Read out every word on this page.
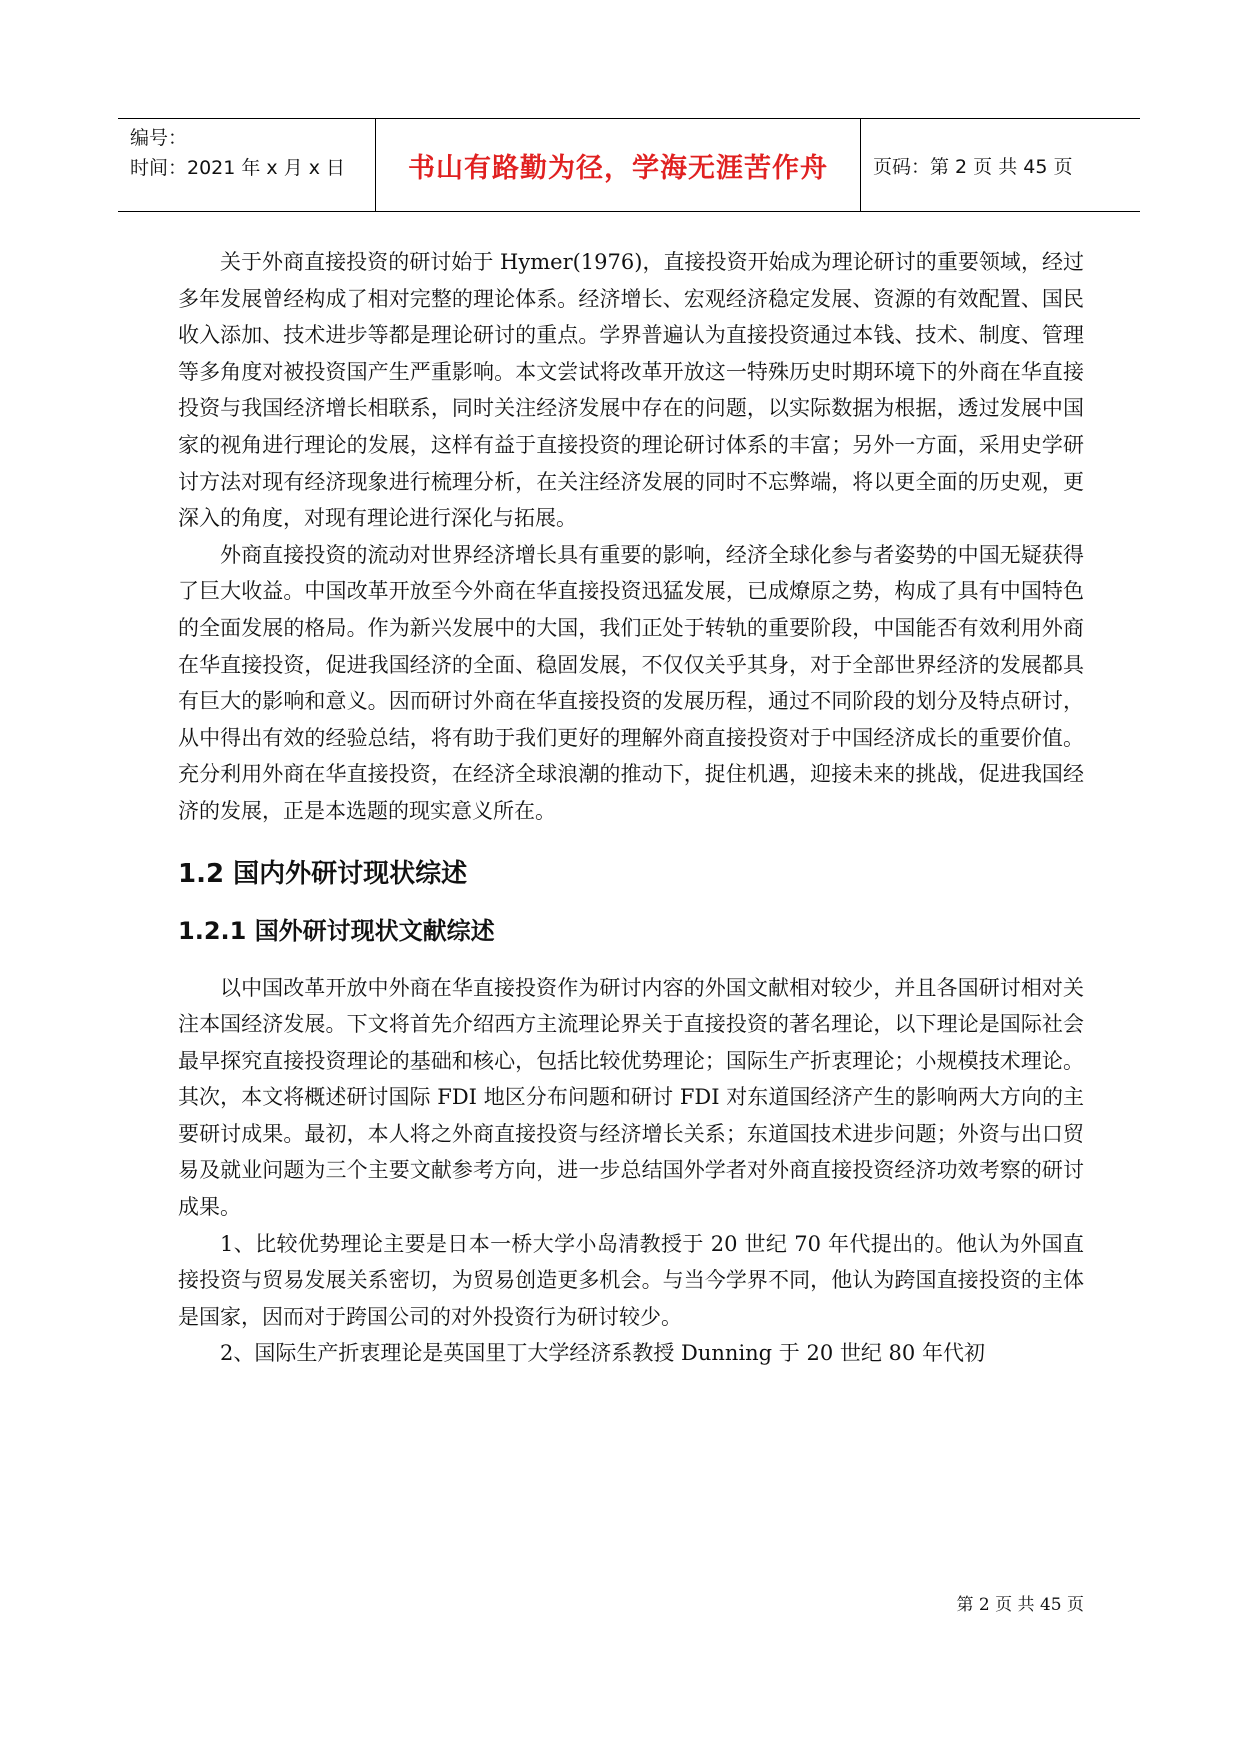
编号：
时间：2021 年 x 月 x 日	书山有路勤为径，学海无涯苦作舟 页码：第 2 页 共 45 页

关于外商直接投资的研讨始于 Hymer(1976)，直接投资开始成为理论研讨的重要领域，经过多年发展曾经构成了相对完整的理论体系。经济增长、宏观经济稳定发展、资源的有效配置、国民收入添加、技术进步等都是理论研讨的重点。学界普遍认为直接投资通过本钱、技术、制度、管理等多角度对被投资国产生严重影响。本文尝试将改革开放这一特殊历史时期环境下的外商在华直接投资与我国经济增长相联系，同时关注经济发展中存在的问题，以实际数据为根据，透过发展中国家的视角进行理论的发展，这样有益于直接投资的理论研讨体系的丰富；另外一方面，采用史学研讨方法对现有经济现象进行梳理分析，在关注经济发展的同时不忘弊端，将以更全面的历史观，更深入的角度，对现有理论进行深化与拓展。

外商直接投资的流动对世界经济增长具有重要的影响，经济全球化参与者姿势的中国无疑获得了巨大收益。中国改革开放至今外商在华直接投资迅猛发展，已成燎原之势，构成了具有中国特色的全面发展的格局。作为新兴发展中的大国，我们正处于转轨的重要阶段，中国能否有效利用外商在华直接投资，促进我国经济的全面、稳固发展，不仅仅关乎其身，对于全部世界经济的发展都具有巨大的影响和意义。因而研讨外商在华直接投资的发展历程，通过不同阶段的划分及特点研讨，从中得出有效的经验总结，将有助于我们更好的理解外商直接投资对于中国经济成长的重要价值。充分利用外商在华直接投资，在经济全球浪潮的推动下，捉住机遇，迎接未来的挑战，促进我国经济的发展，正是本选题的现实意义所在。

1.2 国内外研讨现状综述
1.2.1 国外研讨现状文献综述

以中国改革开放中外商在华直接投资作为研讨内容的外国文献相对较少，并且各国研讨相对关注本国经济发展。下文将首先介绍西方主流理论界关于直接投资的著名理论，以下理论是国际社会最早探究直接投资理论的基础和核心，包括比较优势理论；国际生产折衷理论；小规模技术理论。其次，本文将概述研讨国际 FDI 地区分布问题和研讨 FDI 对东道国经济产生的影响两大方向的主要研讨成果。最初，本人将之外商直接投资与经济增长关系；东道国技术进步问题；外资与出口贸易及就业问题为三个主要文献参考方向，进一步总结国外学者对外商直接投资经济功效考察的研讨成果。

1、比较优势理论主要是日本一桥大学小岛清教授于 20 世纪 70 年代提出的。他认为外国直接投资与贸易发展关系密切，为贸易创造更多机会。与当今学界不同，他认为跨国直接投资的主体是国家，因而对于跨国公司的对外投资行为研讨较少。

2、国际生产折衷理论是英国里丁大学经济系教授 Dunning 于 20 世纪 80 年代初

第 2 页 共 45 页
